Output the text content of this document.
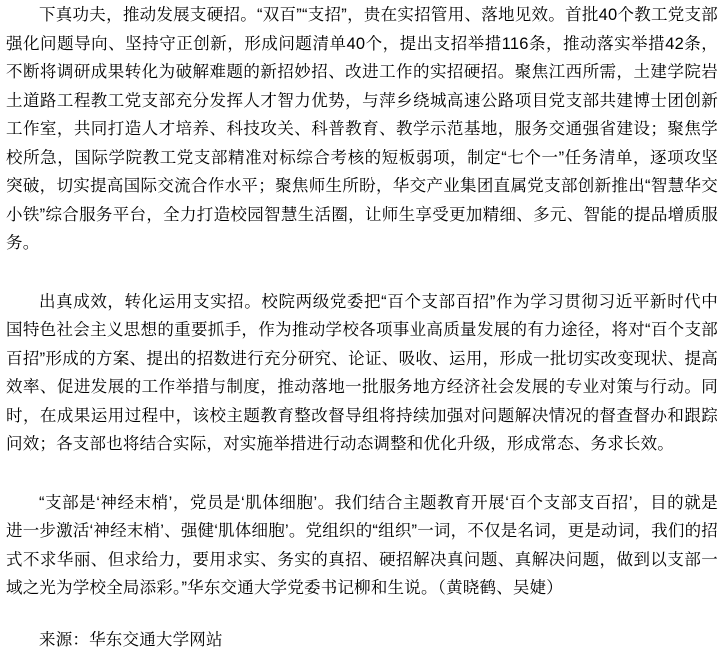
下真功夫，推动发展支硬招。“双百”“支招”，贵在实招管用、落地见效。首批40个教工党支部强化问题导向、坚持守正创新，形成问题清单40个，提出支招举措116条，推动落实举措42条，不断将调研成果转化为破解难题的新招妙招、改进工作的实招硬招。聚焦江西所需，土建学院岩土道路工程教工党支部充分发挥人才智力优势，与萍乡绕城高速公路项目党支部共建博士团创新工作室，共同打造人才培养、科技攻关、科普教育、教学示范基地，服务交通强省建设；聚焦学校所急，国际学院教工党支部精准对标综合考核的短板弱项，制定“七个一”任务清单，逐项攻坚突破，切实提高国际交流合作水平；聚焦师生所盼，华交产业集团直属党支部创新推出“智慧华交小铁”综合服务平台，全力打造校园智慧生活圈，让师生享受更加精细、多元、智能的提品增质服务。

出真成效，转化运用支实招。校院两级党委把“百个支部百招”作为学习贯彻习近平新时代中国特色社会主义思想的重要抓手，作为推动学校各项事业高质量发展的有力途径，将对“百个支部百招”形成的方案、提出的招数进行充分研究、论证、吸收、运用，形成一批切实改变现状、提高效率、促进发展的工作举措与制度，推动落地一批服务地方经济社会发展的专业对策与行动。同时，在成果运用过程中，该校主题教育整改督导组将持续加强对问题解决情况的督查督办和跟踪问效；各支部也将结合实际，对实施举措进行动态调整和优化升级，形成常态、务求长效。

“支部是‘神经末梢’，党员是‘肌体细胞’。我们结合主题教育开展‘百个支部支百招’，目的就是进一步激活‘神经末梢’、强健‘肌体细胞’。党组织的“组织”一词，不仅是名词，更是动词，我们的招式不求华丽、但求给力，要用求实、务实的真招、硬招解决真问题、真解决问题，做到以支部一域之光为学校全局添彩。”华东交通大学党委书记柳和生说。（黄晓鹤、吴婕）

来源：华东交通大学网站
